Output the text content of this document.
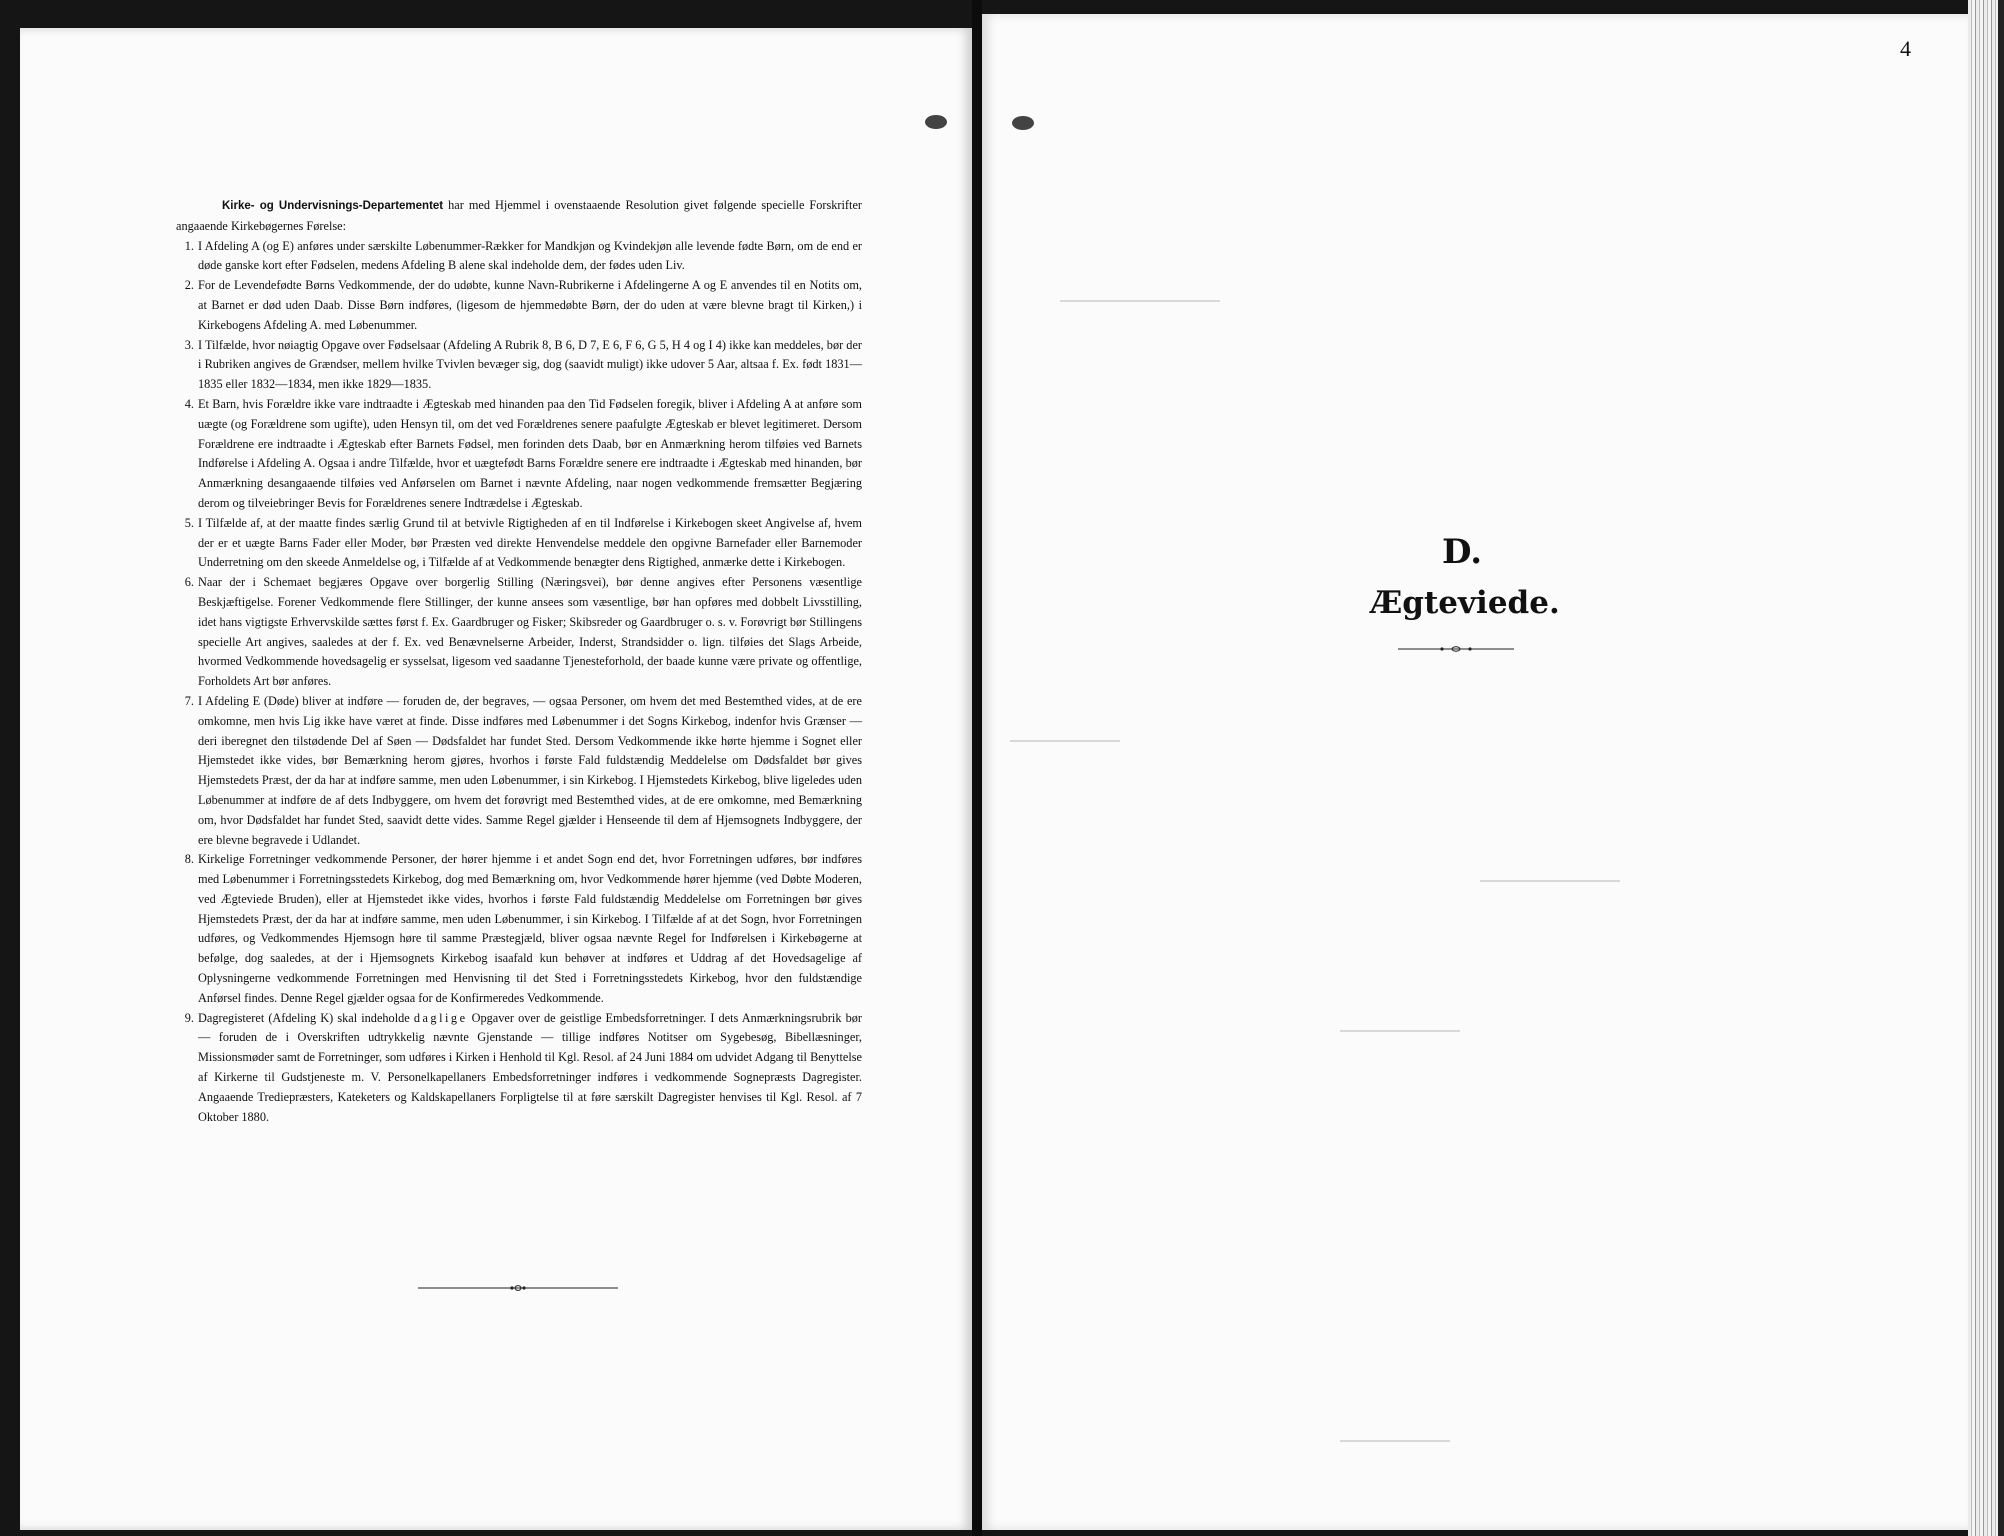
Kirke- og Undervisnings-Departementet har med Hjemmel i ovenstaaende Resolution givet følgende specielle Forskrifter angaaende Kirkebøgernes Førelse:

1. I Afdeling A (og E) anføres under særskilte Løbenummer-Rækker for Mandkjøn og Kvindekjøn alle levende fødte Børn, om de end er døde ganske kort efter Fødselen, medens Afdeling B alene skal indeholde dem, der fødes uden Liv.

2. For de Levendefødte Børns Vedkommende, der do udøbte, kunne Navn-Rubrikerne i Afdelingerne A og E anvendes til en Notits om, at Barnet er død uden Daab. Disse Børn indføres, (ligesom de hjemmedøbte Børn, der do uden at være blevne bragt til Kirken,) i Kirkebogens Afdeling A. med Løbenummer.

3. I Tilfælde, hvor nøiagtig Opgave over Fødselsaar (Afdeling A Rubrik 8, B 6, D 7, E 6, F 6, G 5, H 4 og I 4) ikke kan meddeles, bør der i Rubriken angives de Grændser, mellem hvilke Tvivlen bevæger sig, dog (saavidt muligt) ikke udover 5 Aar, altsaa f. Ex. født 1831—1835 eller 1832—1834, men ikke 1829—1835.

4. Et Barn, hvis Forældre ikke vare indtraadte i Ægteskab med hinanden paa den Tid Fødselen foregik, bliver i Afdeling A at anføre som uægte (og Forældrene som ugifte), uden Hensyn til, om det ved Forældrenes senere paafulgte Ægteskab er blevet legitimeret. Dersom Forældrene ere indtraadte i Ægteskab efter Barnets Fødsel, men forinden dets Daab, bør en Anmærkning herom tilføies ved Barnets Indførelse i Afdeling A. Ogsaa i andre Tilfælde, hvor et uægtefødt Barns Forældre senere ere indtraadte i Ægteskab med hinanden, bør Anmærkning desangaaende tilføies ved Anførselen om Barnet i nævnte Afdeling, naar nogen vedkommende fremsætter Begjæring derom og tilveiebringer Bevis for Forældrenes senere Indtrædelse i Ægteskab.

5. I Tilfælde af, at der maatte findes særlig Grund til at betvivle Rigtigheden af en til Indførelse i Kirkebogen skeet Angivelse af, hvem der er et uægte Barns Fader eller Moder, bør Præsten ved direkte Henvendelse meddele den opgivne Barnefader eller Barnemoder Underretning om den skeede Anmeldelse og, i Tilfælde af at Vedkommende benægter dens Rigtighed, anmærke dette i Kirkebogen.

6. Naar der i Schemaet begjæres Opgave over borgerlig Stilling (Næringsvei), bør denne angives efter Personens væsentlige Beskjæftigelse. Forener Vedkommende flere Stillinger, der kunne ansees som væsentlige, bør han opføres med dobbelt Livsstilling, idet hans vigtigste Erhvervskilde sættes først f. Ex. Gaardbruger og Fisker; Skibsreder og Gaardbruger o. s. v. Forøvrigt bør Stillingens specielle Art angives, saaledes at der f. Ex. ved Benævnelserne Arbeider, Inderst, Strandsidder o. lign. tilføies det Slags Arbeide, hvormed Vedkommende hovedsagelig er sysselsat, ligesom ved saadanne Tjenesteforhold, der baade kunne være private og offentlige, Forholdets Art bør anføres.

7. I Afdeling E (Døde) bliver at indføre — foruden de, der begraves, — ogsaa Personer, om hvem det med Bestemthed vides, at de ere omkomne, men hvis Lig ikke have været at finde. Disse indføres med Løbenummer i det Sogns Kirkebog, indenfor hvis Grænser — deri iberegnet den tilstødende Del af Søen — Dødsfaldet har fundet Sted. Dersom Vedkommende ikke hørte hjemme i Sognet eller Hjemstedet ikke vides, bør Bemærkning herom gjøres, hvorhos i første Fald fuldstændig Meddelelse om Dødsfaldet bør gives Hjemstedets Præst, der da har at indføre samme, men uden Løbenummer, i sin Kirkebog. I Hjemstedets Kirkebog, blive ligeledes uden Løbenummer at indføre de af dets Indbyggere, om hvem det forøvrigt med Bestemthed vides, at de ere omkomne, med Bemærkning om, hvor Dødsfaldet har fundet Sted, saavidt dette vides. Samme Regel gjælder i Henseende til dem af Hjemsognets Indbyggere, der ere blevne begravede i Udlandet.

8. Kirkelige Forretninger vedkommende Personer, der hører hjemme i et andet Sogn end det, hvor Forretningen udføres, bør indføres med Løbenummer i Forretningsstedets Kirkebog, dog med Bemærkning om, hvor Vedkommende hører hjemme (ved Døbte Moderen, ved Ægteviede Bruden), eller at Hjemstedet ikke vides, hvorhos i første Fald fuldstændig Meddelelse om Forretningen bør gives Hjemstedets Præst, der da har at indføre samme, men uden Løbenummer, i sin Kirkebog. I Tilfælde af at det Sogn, hvor Forretningen udføres, og Vedkommendes Hjemsogn høre til samme Præstegjæld, bliver ogsaa nævnte Regel for Indførelsen i Kirkebøgerne at befølge, dog saaledes, at der i Hjemsognets Kirkebog isaafald kun behøver at indføres et Uddrag af det Hovedsagelige af Oplysningerne vedkommende Forretningen med Henvisning til det Sted i Forretningsstedets Kirkebog, hvor den fuldstændige Anførsel findes. Denne Regel gjælder ogsaa for de Konfirmeredes Vedkommende.

9. Dagregisteret (Afdeling K) skal indeholde daglige Opgaver over de geistlige Embedsforretninger. I dets Anmærkningsrubrik bør — foruden de i Overskriften udtrykkelig nævnte Gjenstande — tillige indføres Notitser om Sygebesøg, Bibellæsninger, Missionsmøder samt de Forretninger, som udføres i Kirken i Henhold til Kgl. Resol. af 24 Juni 1884 om udvidet Adgang til Benyttelse af Kirkerne til Gudstjeneste m. V. Personelkapellaners Embedsforretninger indføres i vedkommende Sognepræsts Dagregister. Angaaende Trediepræsters, Kateketers og Kaldskapellaners Forpligtelse til at føre særskilt Dagregister henvises til Kgl. Resol. af 7 Oktober 1880.

4
D.
Ægteviede.
